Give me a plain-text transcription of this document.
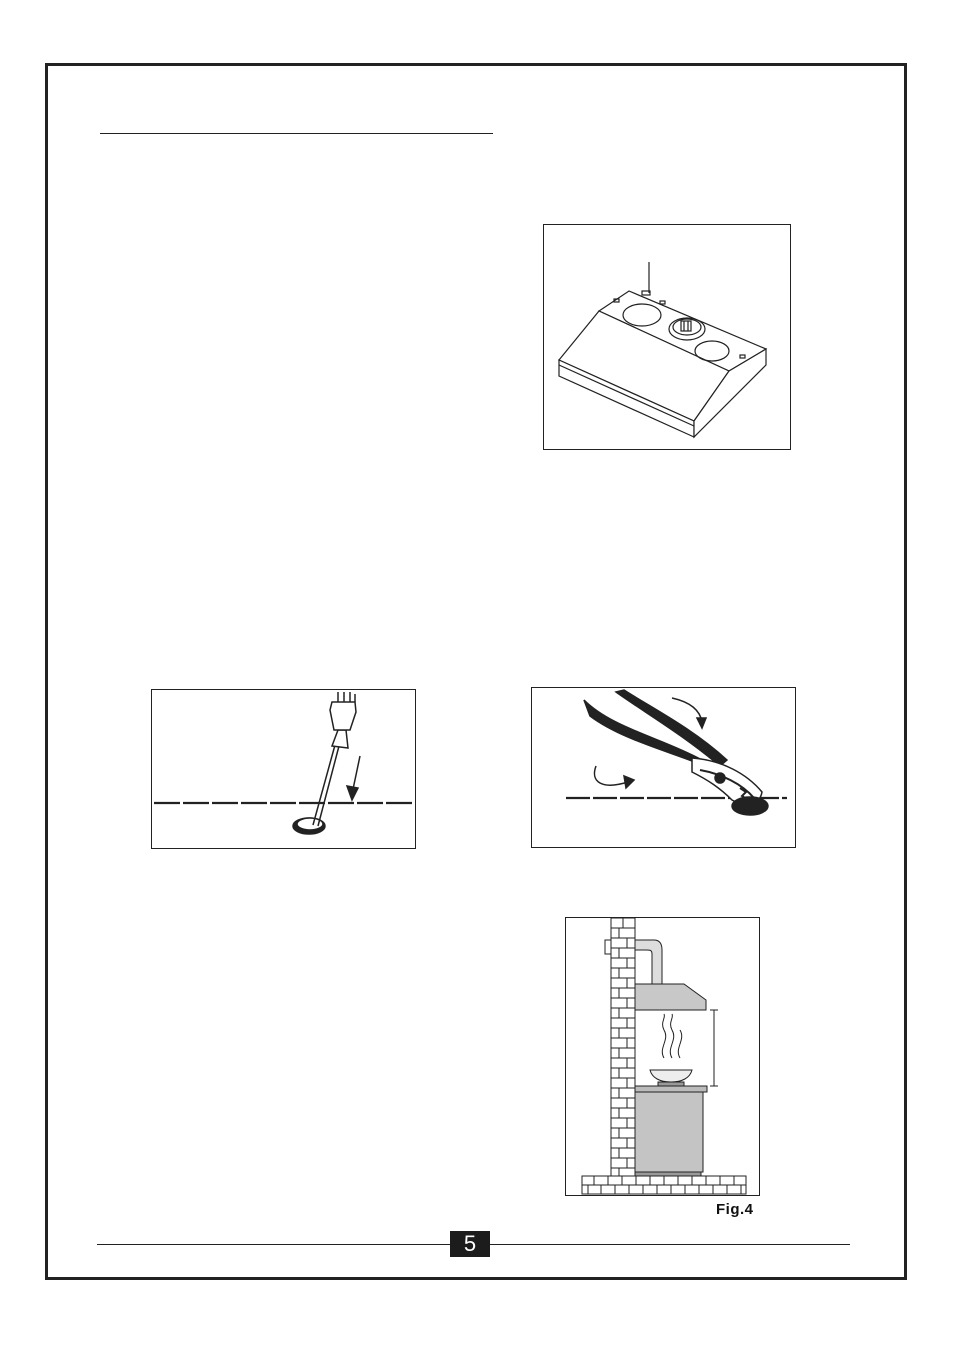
Fig.4
5
